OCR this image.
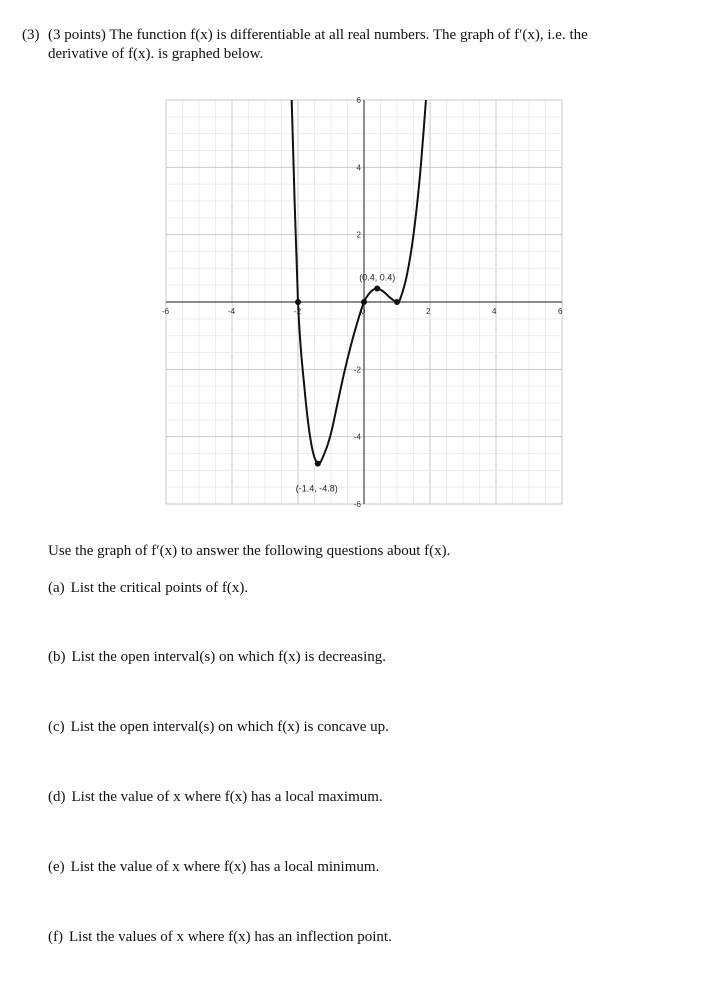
(3) (3 points) The function f(x) is differentiable at all real numbers. The graph of f′(x), i.e. the
derivative of f(x). is graphed below.
-6	-4	-2	0	2	4	6
6
4
2
-2
-4
-6
(0.4, 0.4)
(-1.4, -4.8)
Use the graph of f′(x) to answer the following questions about f(x).
(a) List the critical points of f(x).
(b) List the open interval(s) on which f(x) is decreasing.
(c) List the open interval(s) on which f(x) is concave up.
(d) List the value of x where f(x) has a local maximum.
(e) List the value of x where f(x) has a local minimum.
(f) List the values of x where f(x) has an inflection point.
